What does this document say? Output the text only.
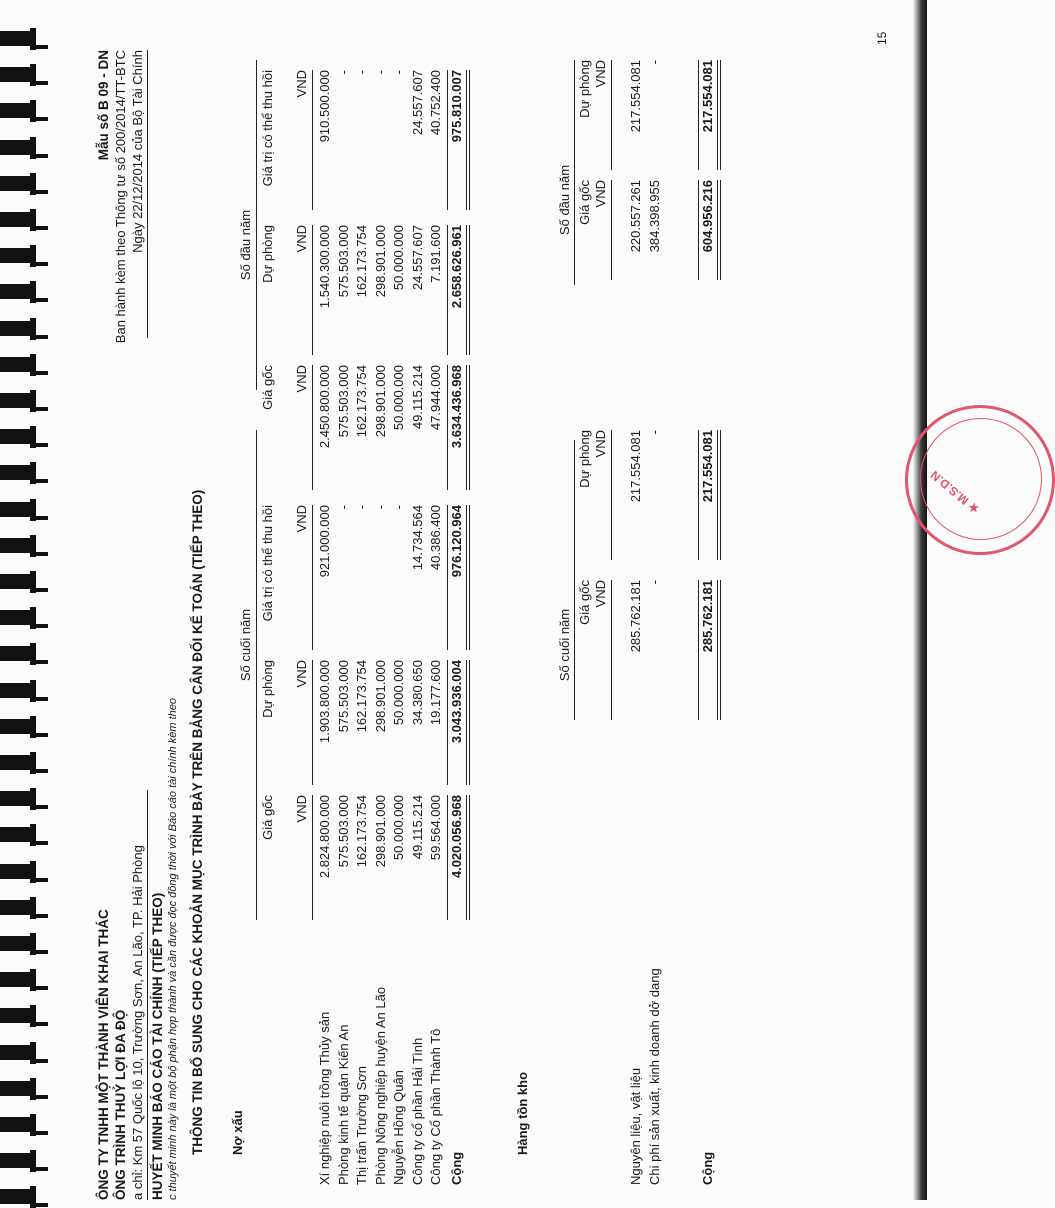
ÔNG TY TNHH MỘT THÀNH VIÊN KHAI THÁC ÔNG TRÌNH THUỶ LỢI ĐA ĐỘ a chỉ: Km 57 Quốc lộ 10, Trường Sơn, An Lão, TP. Hải Phòng
Mẫu số B 09 - DN Ban hành kèm theo Thông tư số 200/2014/TT-BTC Ngày 22/12/2014 của Bộ Tài Chính
HUYẾT MINH BÁO CÁO TÀI CHÍNH (TIẾP THEO) c thuyết minh này là một bộ phận hợp thành và cần được đọc đồng thời với Báo cáo tài chính kèm theo THÔNG TIN BỔ SUNG CHO CÁC KHOẢN MỤC TRÌNH BÀY TRÊN BẢNG CÂN ĐỐI KẾ TOÁN (TIẾP THEO) Nợ xấu
Số cuối năm
Số đầu năm
Giá gốc
Dự phòng
Giá trị có thể thu hồi
VND
VND
VND
Giá gốc
Dự phòng
Giá trị có thể thu hồi
VND
VND
VND
Xí nghiệp nuôi trồng Thủy sản
2.824.800.000
1.903.800.000
921.000.000
2.450.800.000
1.540.300.000
910.500.000
Phòng kinh tế quận Kiến An
575.503.000
575.503.000
-
575.503.000
575.503.000
-
Thị trấn Trường Sơn
162.173.754
162.173.754
-
162.173.754
162.173.754
-
Phòng Nông nghiệp huyện An Lão
298.901.000
298.901.000
-
298.901.000
298.901.000
-
Nguyễn Hồng Quân
50.000.000
50.000.000
-
50.000.000
50.000.000
-
Công ty cổ phần Hải Tình
49.115.214
34.380.650
14.734.564
49.115.214
24.557.607
24.557.607
Công ty Cổ phần Thành Tô
59.564.000
19.177.600
40.386.400
47.944.000
7.191.600
40.752.400
Cộng
4.020.056.968
3.043.936.004
976.120.964
3.634.436.968
2.658.626.961
975.810.007
Hàng tồn kho
Số cuối năm
Số đầu năm
Giá gốc
Dự phòng
Giá gốc
Dự phòng
VND
VND
VND
VND
Nguyên liệu, vật liệu
285.762.181
217.554.081
220.557.261
217.554.081
Chi phí sản xuất, kinh doanh dở dang
-
-
384.398.955
-
Cộng
285.762.181
217.554.081
604.956.216
217.554.081
15
★ M.S.D.N
